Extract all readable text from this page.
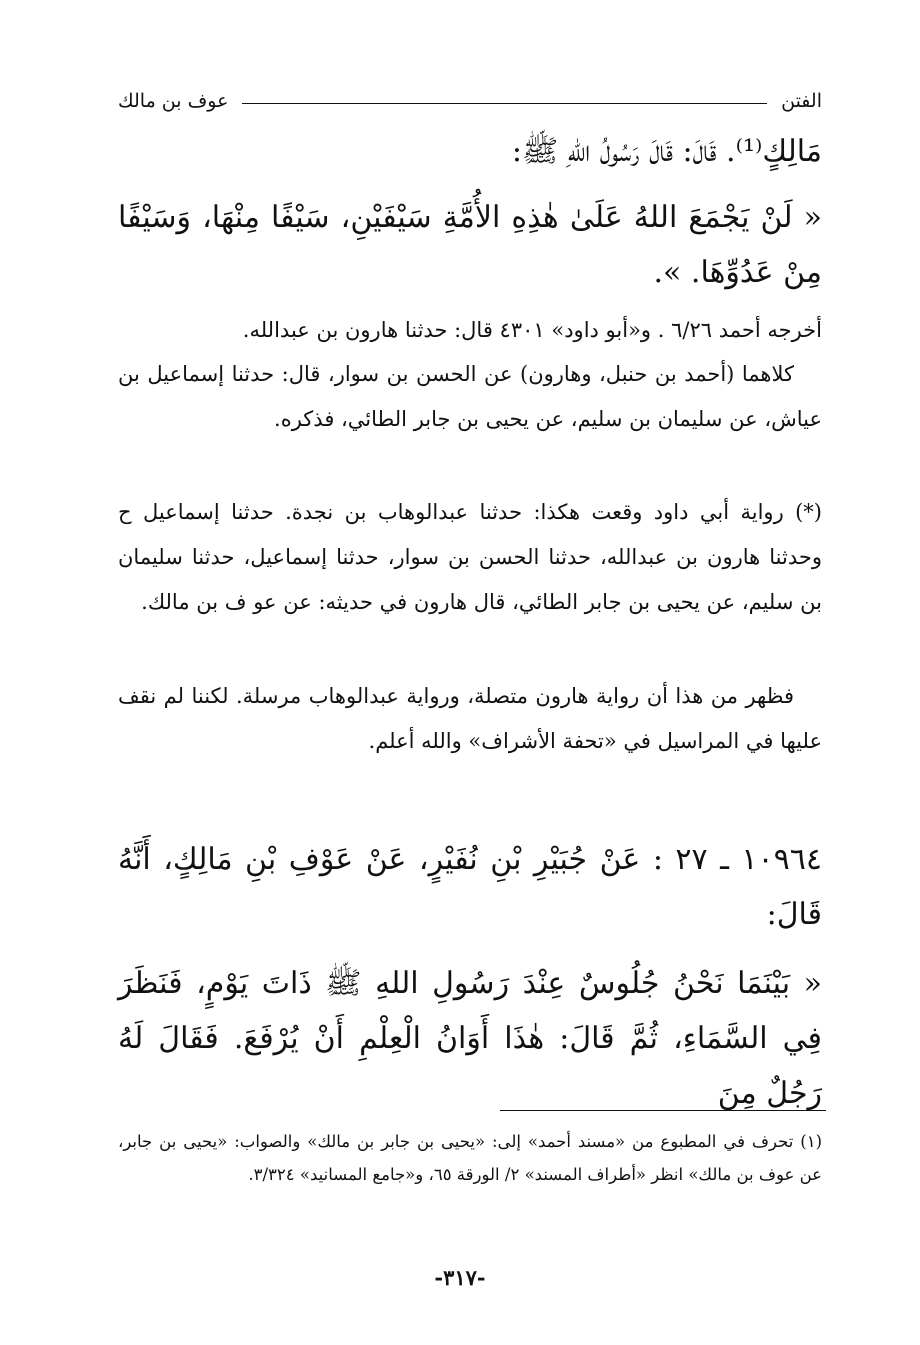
الفتن
عوف بن مالك
مَالِكٍ⁽¹⁾. قَالَ: قَالَ رَسُولُ اللهِ ﷺ:
« لَنْ يَجْمَعَ اللهُ عَلَىٰ هٰذِهِ الأُمَّةِ سَيْفَيْنِ، سَيْفًا مِنْهَا، وَسَيْفًا مِنْ عَدُوِّهَا. ».
أخرجه أحمد ٦/٢٦ . و«أبو داود» ٤٣٠١ قال: حدثنا هارون بن عبدالله.
كلاهما (أحمد بن حنبل، وهارون) عن الحسن بن سوار، قال: حدثنا إسماعيل بن عياش، عن سليمان بن سليم، عن يحيى بن جابر الطائي، فذكره.
(*) رواية أبي داود وقعت هكذا: حدثنا عبدالوهاب بن نجدة. حدثنا إسماعيل ح وحدثنا هارون بن عبدالله، حدثنا الحسن بن سوار، حدثنا إسماعيل، حدثنا سليمان بن سليم، عن يحيى بن جابر الطائي، قال هارون في حديثه: عن عو ف بن مالك.
فظهر من هذا أن رواية هارون متصلة، ورواية عبدالوهاب مرسلة. لكننا لم نقف عليها في المراسيل في «تحفة الأشراف» والله أعلم.
١٠٩٦٤ ـ ٢٧ : عَنْ جُبَيْرِ بْنِ نُفَيْرٍ، عَنْ عَوْفِ بْنِ مَالِكٍ، أَنَّهُ قَالَ:
« بَيْنَمَا نَحْنُ جُلُوسٌ عِنْدَ رَسُولِ اللهِ ﷺ ذَاتَ يَوْمٍ، فَنَظَرَ فِي السَّمَاءِ، ثُمَّ قَالَ: هٰذَا أَوَانُ الْعِلْمِ أَنْ يُرْفَعَ. فَقَالَ لَهُ رَجُلٌ مِنَ
(١) تحرف في المطبوع من «مسند أحمد» إلى: «يحيى بن جابر بن مالك» والصواب: «يحيى بن جابر، عن عوف بن مالك» انظر «أطراف المسند» ٢/ الورقة ٦٥، و«جامع المسانيد» ٣/٣٢٤.
-٣١٧-
